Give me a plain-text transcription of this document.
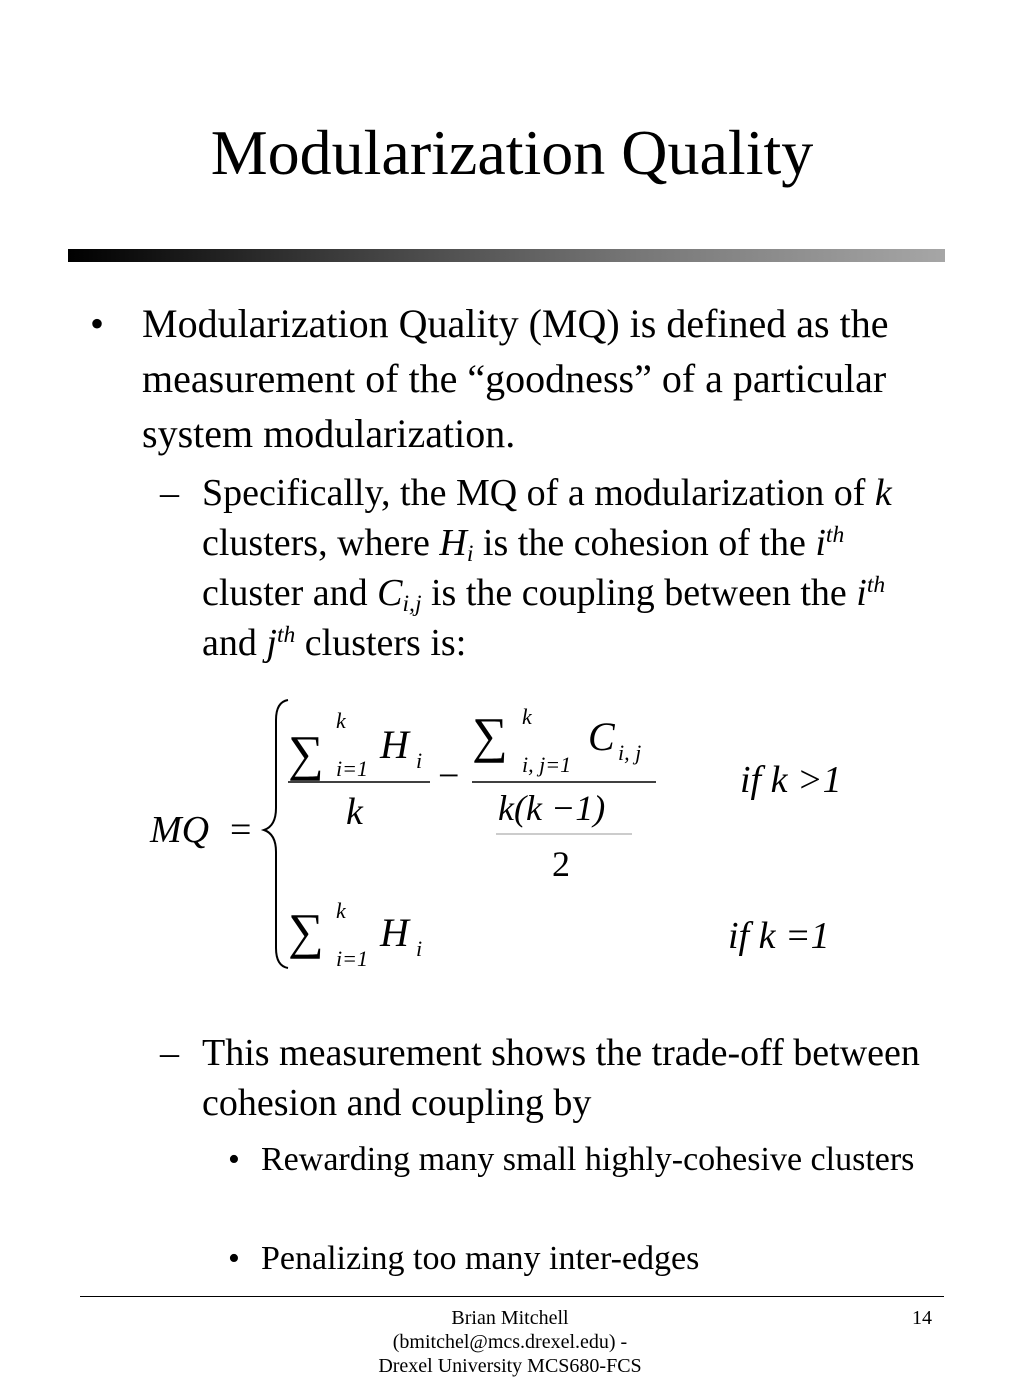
Modularization Quality
• Modularization Quality (MQ) is defined as the measurement of the “goodness” of a particular system modularization.
– Specifically, the MQ of a modularization of k clusters, where $H_i$ is the cohesion of the $i^{th}$ cluster and $C_{i,j}$ is the coupling between the $i^{th}$ and $j^{th}$ clusters is:
MQ =
∑
k
i=1
H i
k
−
∑ k
i, j=1
C i, j
k(k −1)
2
if k >1
∑ k
i=1
H i	if k =1
– This measurement shows the trade-off between cohesion and coupling by
• Rewarding many small highly-cohesive clusters
• Penalizing too many inter-edges
Brian Mitchell
(bmitchel@mcs.drexel.edu) -
Drexel University MCS680-FCS
14
